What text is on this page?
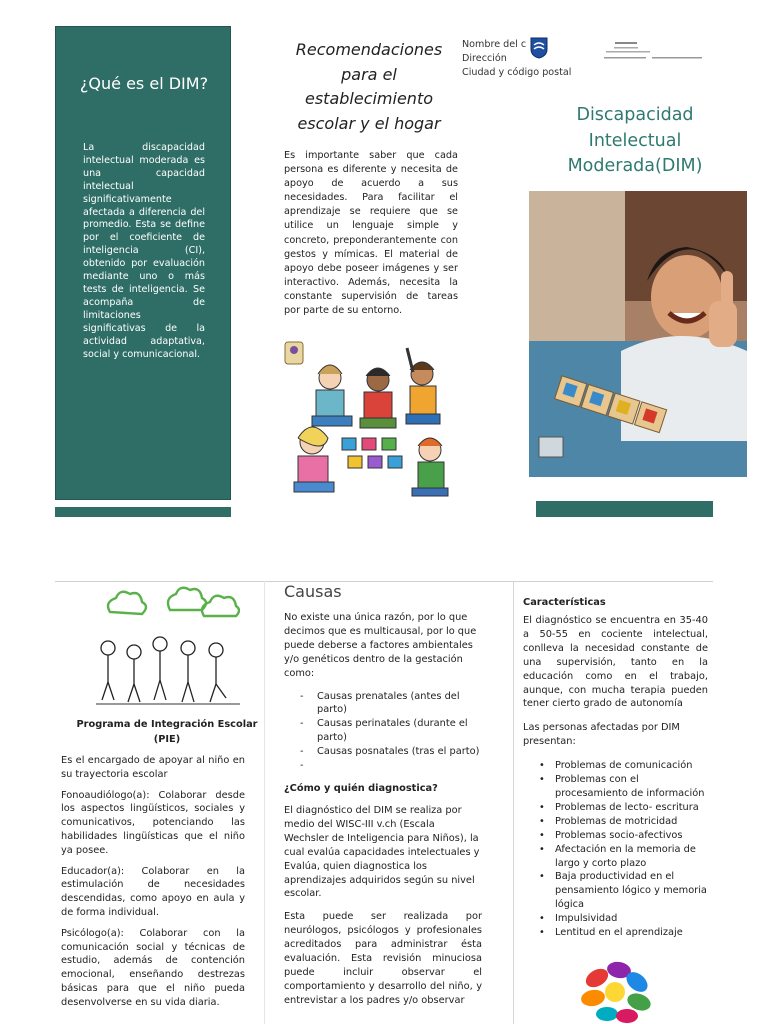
¿Qué es el DIM?
La discapacidad intelectual moderada es una capacidad intelectual significativamente afectada a diferencia del promedio. Esta se define por el coeficiente de inteligencia (CI), obtenido por evaluación mediante uno o más tests de inteligencia. Se acompaña de limitaciones significativas de la actividad adaptativa, social y comunicacional.
Recomendaciones para el establecimiento escolar y el hogar
Es importante saber que cada persona es diferente y necesita de apoyo de acuerdo a sus necesidades. Para facilitar el aprendizaje se requiere que se utilice un lenguaje simple y concreto, preponderantemente con gestos y mímicas. El material de apoyo debe poseer imágenes y ser interactivo. Además, necesita la constante supervisión de tareas por parte de su entorno.
Nombre del c
Dirección
Ciudad y código postal
Discapacidad Intelectual Moderada(DIM)
Programa de Integración Escolar (PIE)

Es el encargado de apoyar al niño en su trayectoria escolar

Fonoaudiólogo(a): Colaborar desde los aspectos lingüísticos, sociales y comunicativos, potenciando las habilidades lingüísticas que el niño ya posee.

Educador(a): Colaborar en la estimulación de necesidades descendidas, como apoyo en aula y de forma individual.

Psicólogo(a): Colaborar con la comunicación social y técnicas de estudio, además de contención emocional, enseñando destrezas básicas para que el niño pueda desenvolverse en su vida diaria.

Causas

No existe una única razón, por lo que decimos que es multicausal, por lo que puede deberse a factores ambientales y/o genéticos dentro de la gestación como:

- Causas prenatales (antes del parto)
- Causas perinatales (durante el parto)
- Causas posnatales (tras el parto)
-
¿Cómo y quién diagnostica?

El diagnóstico del DIM se realiza por medio del WISC-III v.ch (Escala Wechsler de Inteligencia para Niños), la cual evalúa capacidades intelectuales y Evalúa, quien diagnostica los aprendizajes adquiridos según su nivel escolar.

Esta puede ser realizada por neurólogos, psicólogos y profesionales acreditados para administrar ésta evaluación. Esta revisión minuciosa puede incluir observar el comportamiento y desarrollo del niño, y entrevistar a los padres y/o observar

Características

El diagnóstico se encuentra en 35-40 a 50-55 en cociente intelectual, conlleva la necesidad constante de una supervisión, tanto en la educación como en el trabajo, aunque, con mucha terapia pueden tener cierto grado de autonomía

Las personas afectadas por DIM presentan:

• Problemas de comunicación
• Problemas con el procesamiento de información
• Problemas de lecto- escritura
• Problemas de motricidad
• Problemas socio-afectivos
• Afectación en la memoria de largo y corto plazo
• Baja productividad en el pensamiento lógico y memoria lógica
• Impulsividad
• Lentitud en el aprendizaje
